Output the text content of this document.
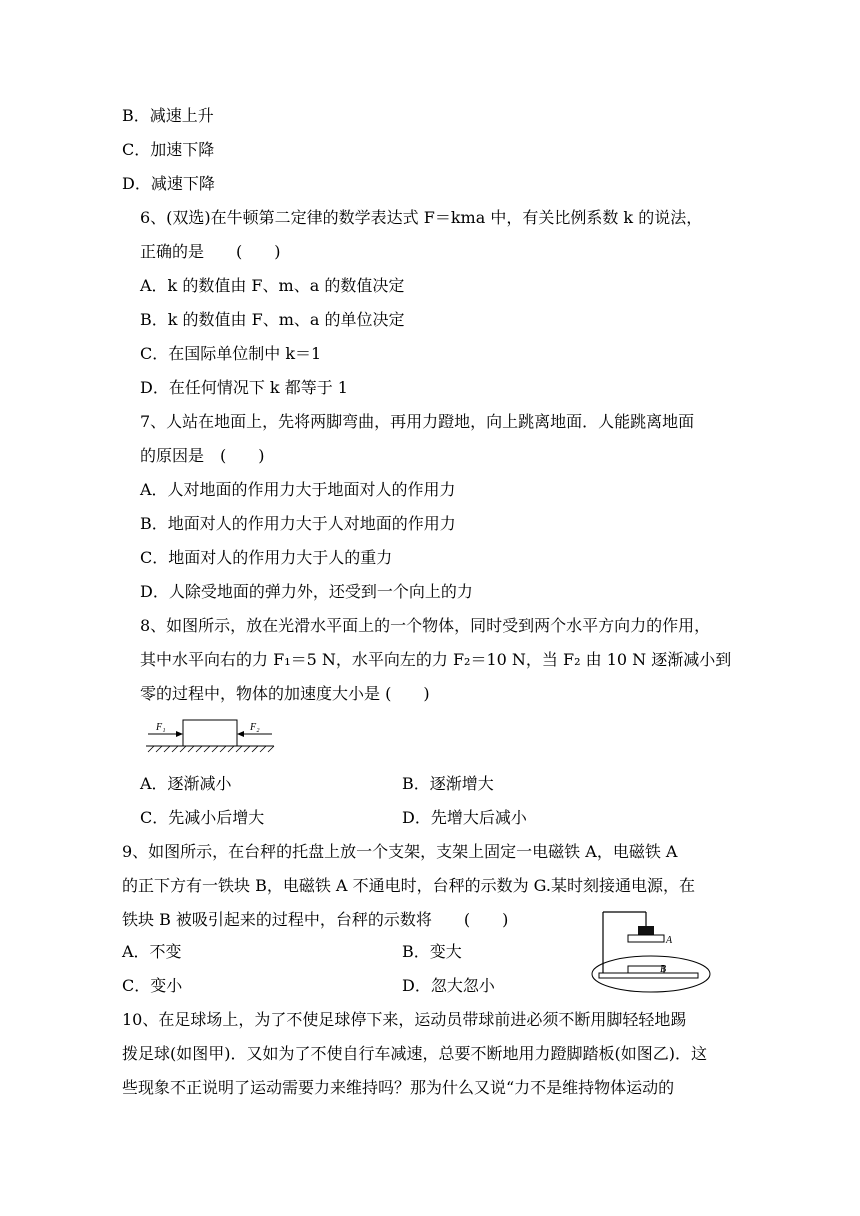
B．减速上升
C．加速下降
D．减速下降
6、(双选)在牛顿第二定律的数学表达式 F＝kma 中，有关比例系数 k 的说法，
正确的是　　(　　)
A．k 的数值由 F、m、a 的数值决定
B．k 的数值由 F、m、a 的单位决定
C．在国际单位制中 k＝1
D．在任何情况下 k 都等于 1
7、人站在地面上，先将两脚弯曲，再用力蹬地，向上跳离地面．人能跳离地面
的原因是　(　　)
A．人对地面的作用力大于地面对人的作用力
B．地面对人的作用力大于人对地面的作用力
C．地面对人的作用力大于人的重力
D．人除受地面的弹力外，还受到一个向上的力
8、如图所示，放在光滑水平面上的一个物体，同时受到两个水平方向力的作用，
其中水平向右的力 F₁＝5 N，水平向左的力 F₂＝10 N，当 F₂ 由 10 N 逐渐减小到
零的过程中，物体的加速度大小是 (　　)
F₁	F₂
A．逐渐减小	B．逐渐增大
C．先减小后增大	D．先增大后减小
9、如图所示，在台秤的托盘上放一个支架，支架上固定一电磁铁 A，电磁铁 A
的正下方有一铁块 B，电磁铁 A 不通电时，台秤的示数为 G.某时刻接通电源，在
铁块 B 被吸引起来的过程中，台秤的示数将　　(　　)
A．不变	B．变大
C．变小	D．忽大忽小
A
B
10、在足球场上，为了不使足球停下来，运动员带球前进必须不断用脚轻轻地踢
拨足球(如图甲)．又如为了不使自行车减速，总要不断地用力蹬脚踏板(如图乙)．这
些现象不正说明了运动需要力来维持吗？那为什么又说“力不是维持物体运动的
